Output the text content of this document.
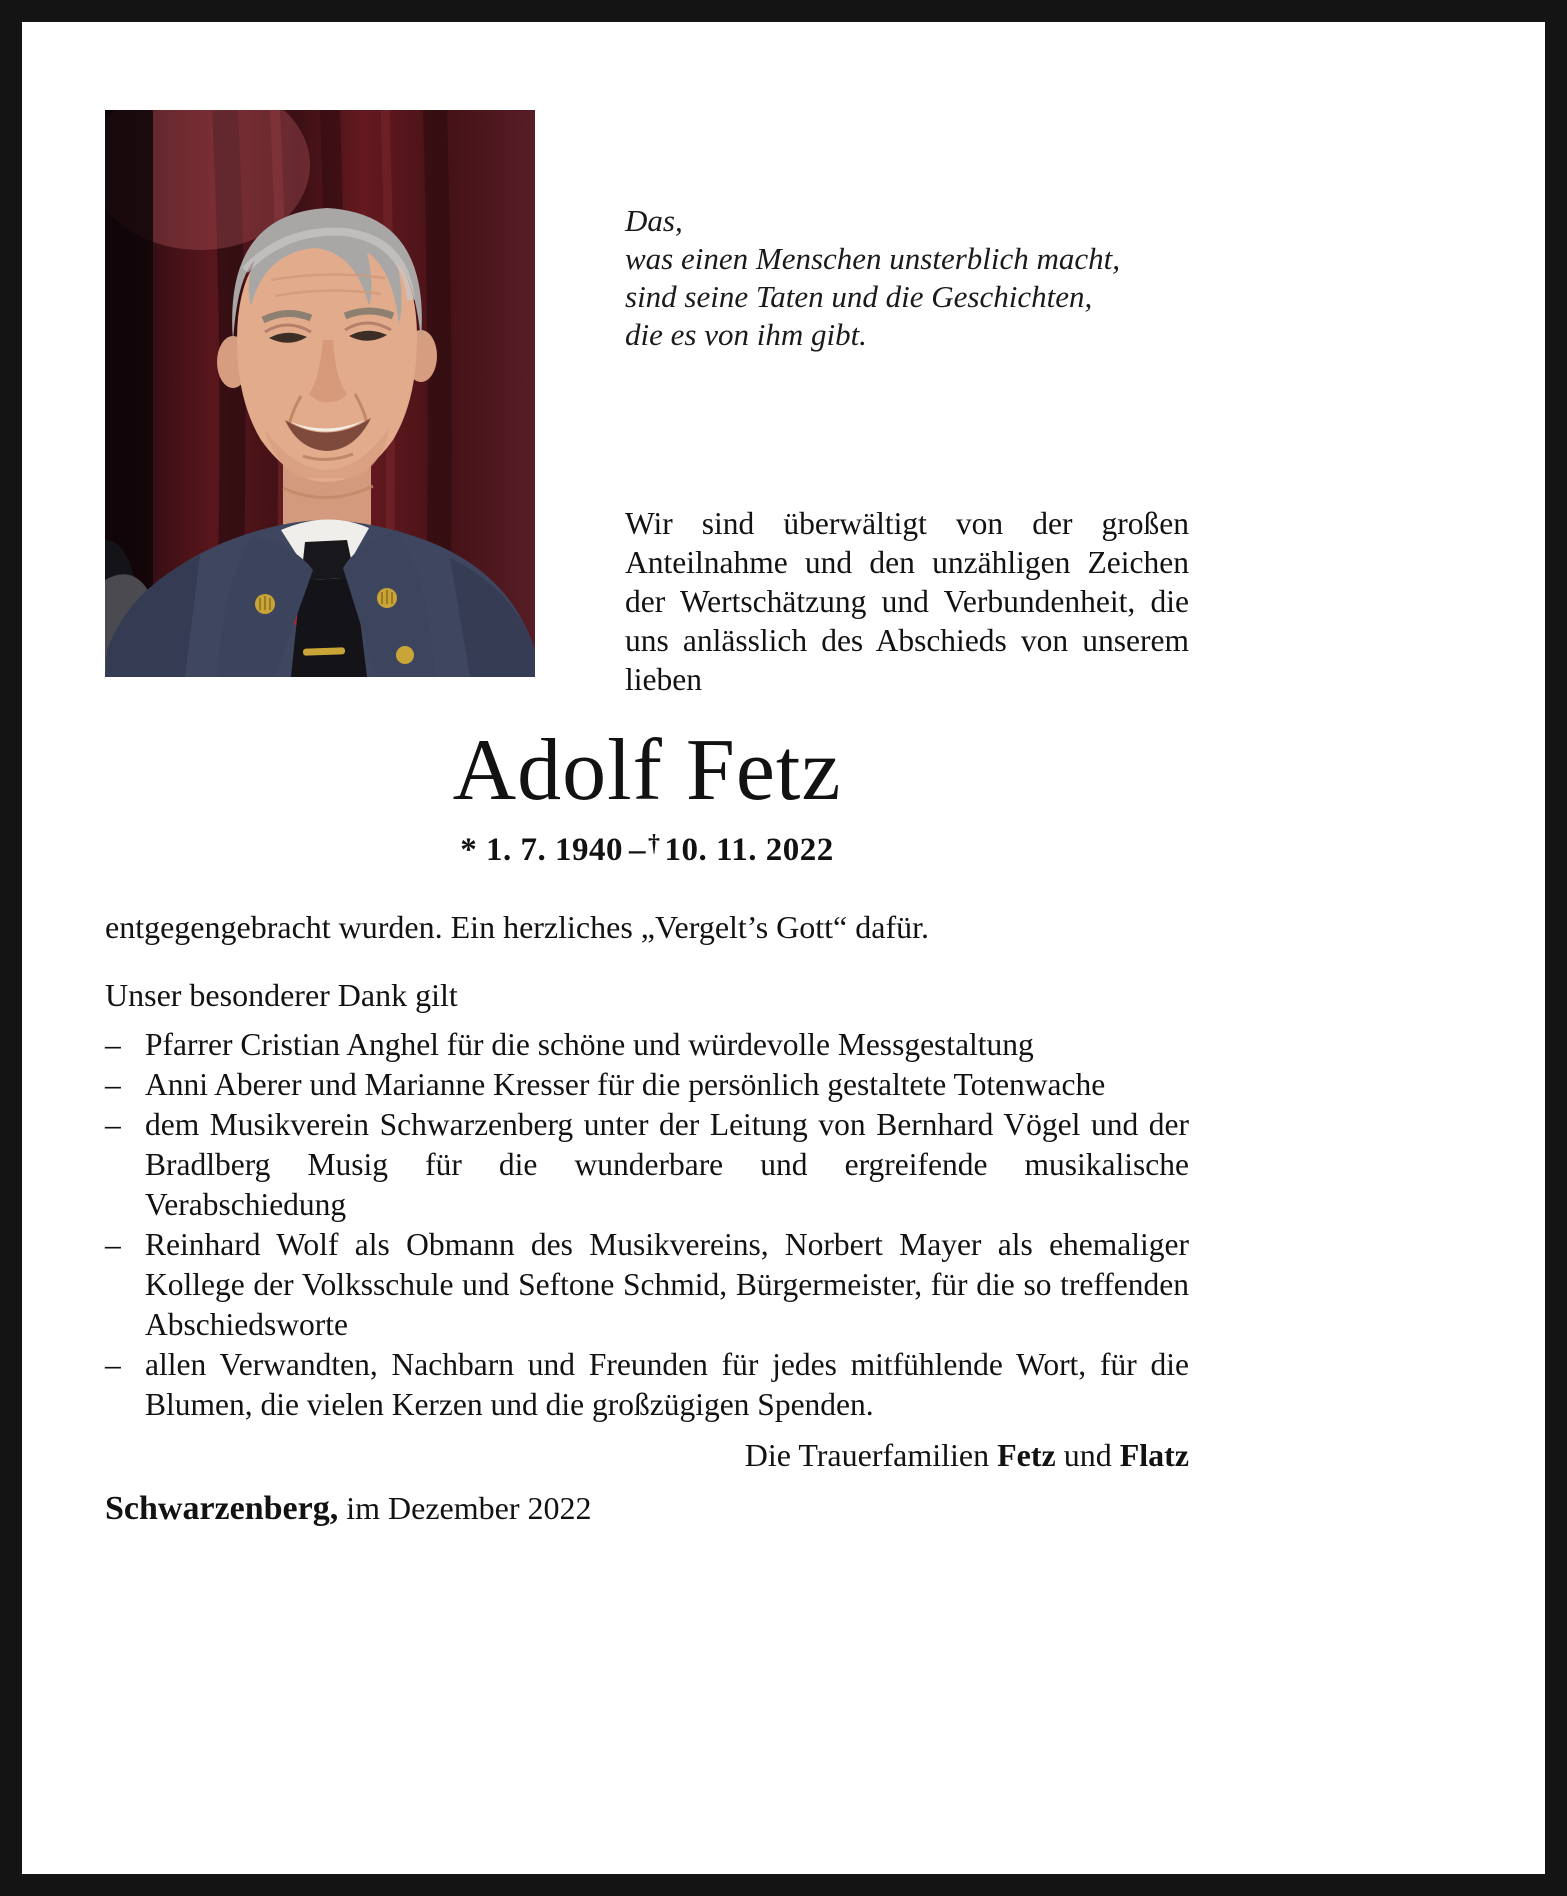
Das,
was einen Menschen unsterblich macht,
sind seine Taten und die Geschichten,
die es von ihm gibt.

Wir sind überwältigt von der großen Anteilnahme und den unzähligen Zeichen der Wertschätzung und Verbundenheit, die uns anlässlich des Abschieds von unserem lieben

Adolf Fetz
* 1. 7. 1940 –† 10. 11. 2022

entgegengebracht wurden. Ein herzliches „Vergelt’s Gott“ dafür.

Unser besonderer Dank gilt

– Pfarrer Cristian Anghel für die schöne und würdevolle Messgestaltung
– Anni Aberer und Marianne Kresser für die persönlich gestaltete Totenwache
– dem Musikverein Schwarzenberg unter der Leitung von Bernhard Vögel und der Bradlberg Musig für die wunderbare und ergreifende musikalische Verabschiedung
– Reinhard Wolf als Obmann des Musikvereins, Norbert Mayer als ehemaliger Kollege der Volksschule und Seftone Schmid, Bürgermeister, für die so treffenden Abschiedsworte
– allen Verwandten, Nachbarn und Freunden für jedes mitfühlende Wort, für die Blumen, die vielen Kerzen und die großzügigen Spenden.
Die Trauerfamilien Fetz und Flatz
Schwarzenberg, im Dezember 2022
